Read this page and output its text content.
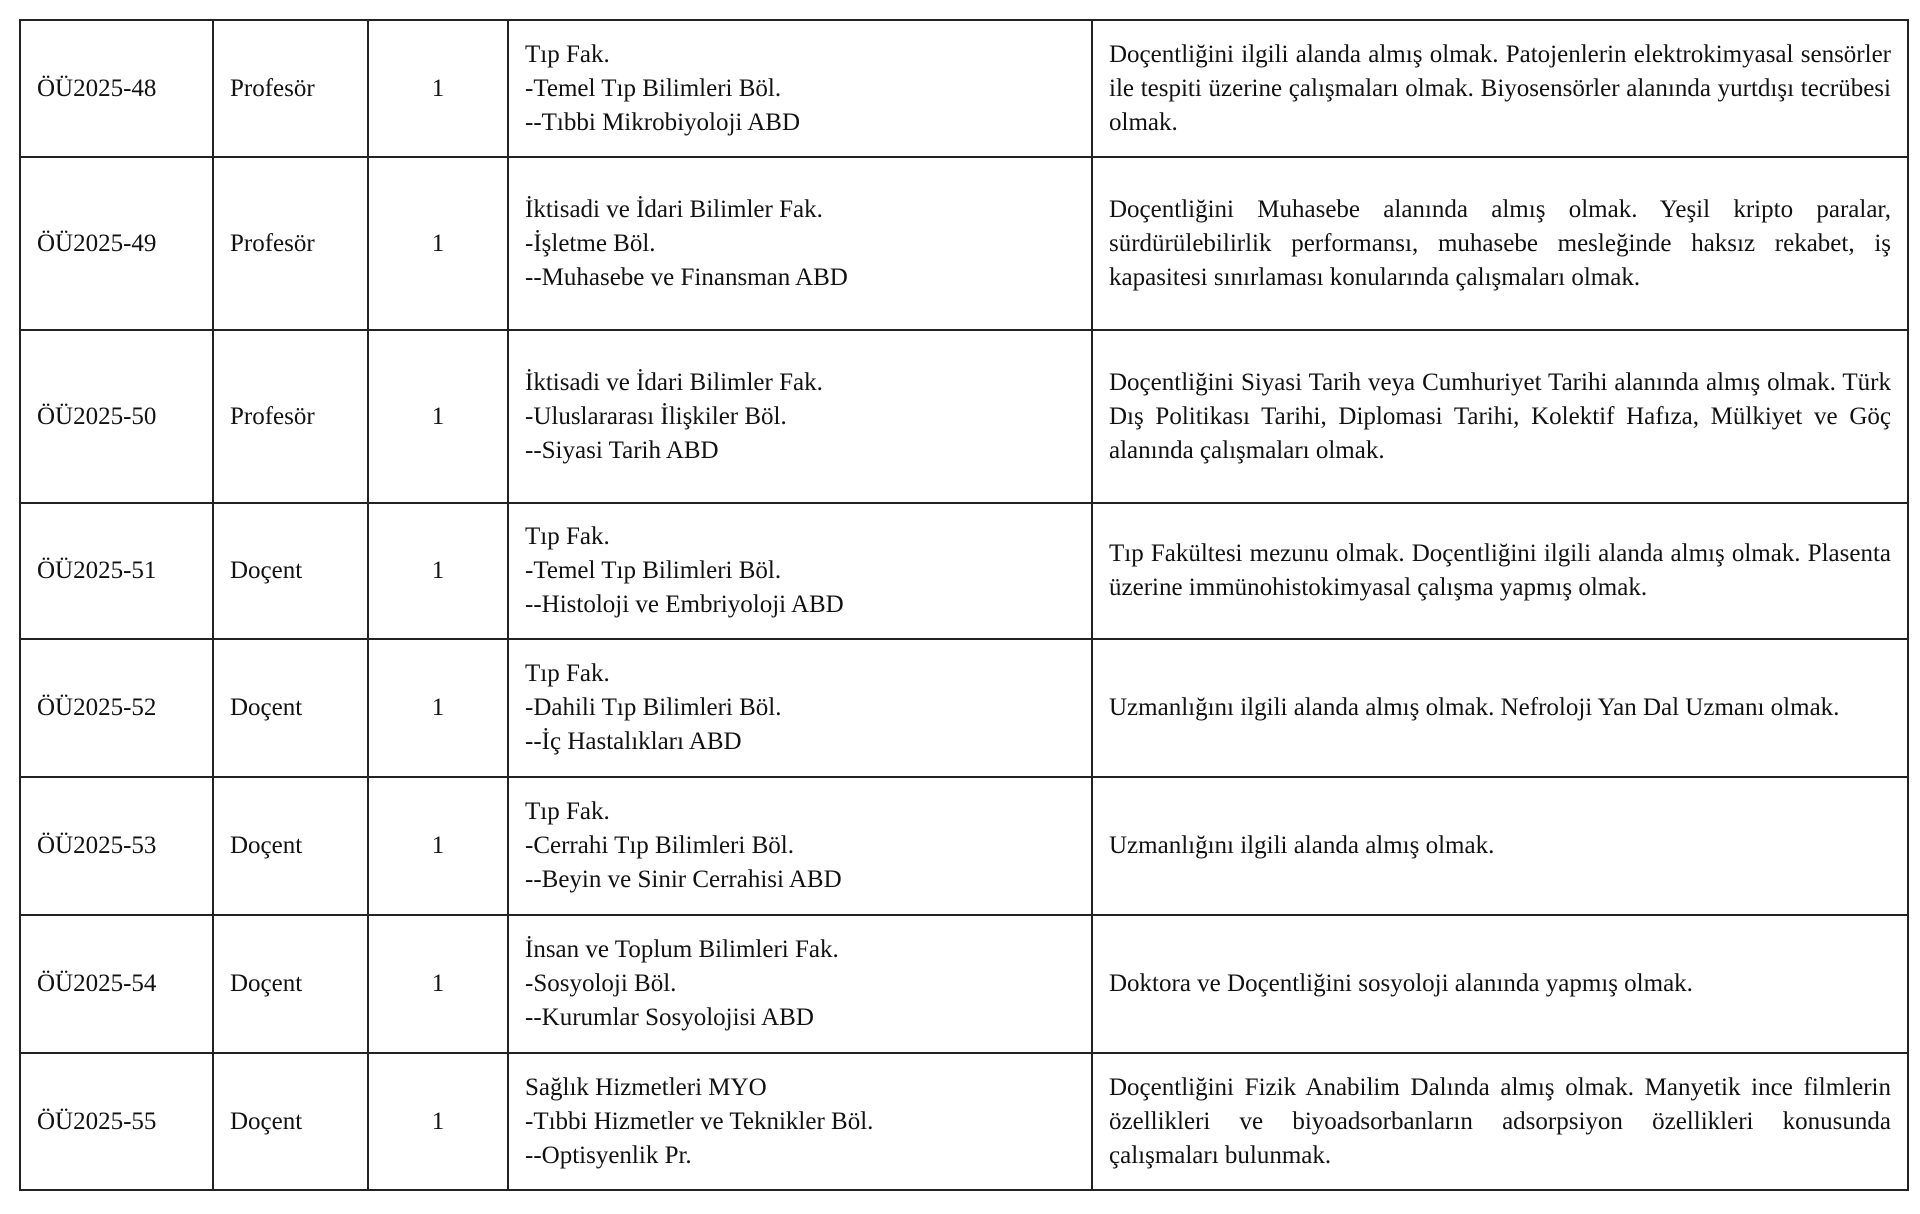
ÖÜ2025-48	Profesör	1	Tıp Fak.
-Temel Tıp Bilimleri Böl.
--Tıbbi Mikrobiyoloji ABD	Doçentliğini ilgili alanda almış olmak. Patojenlerin elektrokimyasal sensörler ile tespiti üzerine çalışmaları olmak. Biyosensörler alanında yurtdışı tecrübesi olmak.

ÖÜ2025-49	Profesör	1	İktisadi ve İdari Bilimler Fak.
-İşletme Böl.
--Muhasebe ve Finansman ABD	Doçentliğini Muhasebe alanında almış olmak. Yeşil kripto paralar, sürdürülebilirlik performansı, muhasebe mesleğinde haksız rekabet, iş kapasitesi sınırlaması konularında çalışmaları olmak.

ÖÜ2025-50	Profesör	1	İktisadi ve İdari Bilimler Fak.
-Uluslararası İlişkiler Böl.
--Siyasi Tarih ABD	Doçentliğini Siyasi Tarih veya Cumhuriyet Tarihi alanında almış olmak. Türk Dış Politikası Tarihi, Diplomasi Tarihi, Kolektif Hafıza, Mülkiyet ve Göç alanında çalışmaları olmak.

ÖÜ2025-51	Doçent	1	Tıp Fak.
-Temel Tıp Bilimleri Böl.
--Histoloji ve Embriyoloji ABD	Tıp Fakültesi mezunu olmak. Doçentliğini ilgili alanda almış olmak. Plasenta üzerine immünohistokimyasal çalışma yapmış olmak.

ÖÜ2025-52	Doçent	1	Tıp Fak.
-Dahili Tıp Bilimleri Böl.
--İç Hastalıkları ABD	Uzmanlığını ilgili alanda almış olmak. Nefroloji Yan Dal Uzmanı olmak.

ÖÜ2025-53	Doçent	1	Tıp Fak.
-Cerrahi Tıp Bilimleri Böl.
--Beyin ve Sinir Cerrahisi ABD	Uzmanlığını ilgili alanda almış olmak.

ÖÜ2025-54	Doçent	1	İnsan ve Toplum Bilimleri Fak.
-Sosyoloji Böl.
--Kurumlar Sosyolojisi ABD	Doktora ve Doçentliğini sosyoloji alanında yapmış olmak.

ÖÜ2025-55	Doçent	1	Sağlık Hizmetleri MYO
-Tıbbi Hizmetler ve Teknikler Böl.
--Optisyenlik Pr.	Doçentliğini Fizik Anabilim Dalında almış olmak. Manyetik ince filmlerin özellikleri ve biyoadsorbanların adsorpsiyon özellikleri konusunda çalışmaları bulunmak.
